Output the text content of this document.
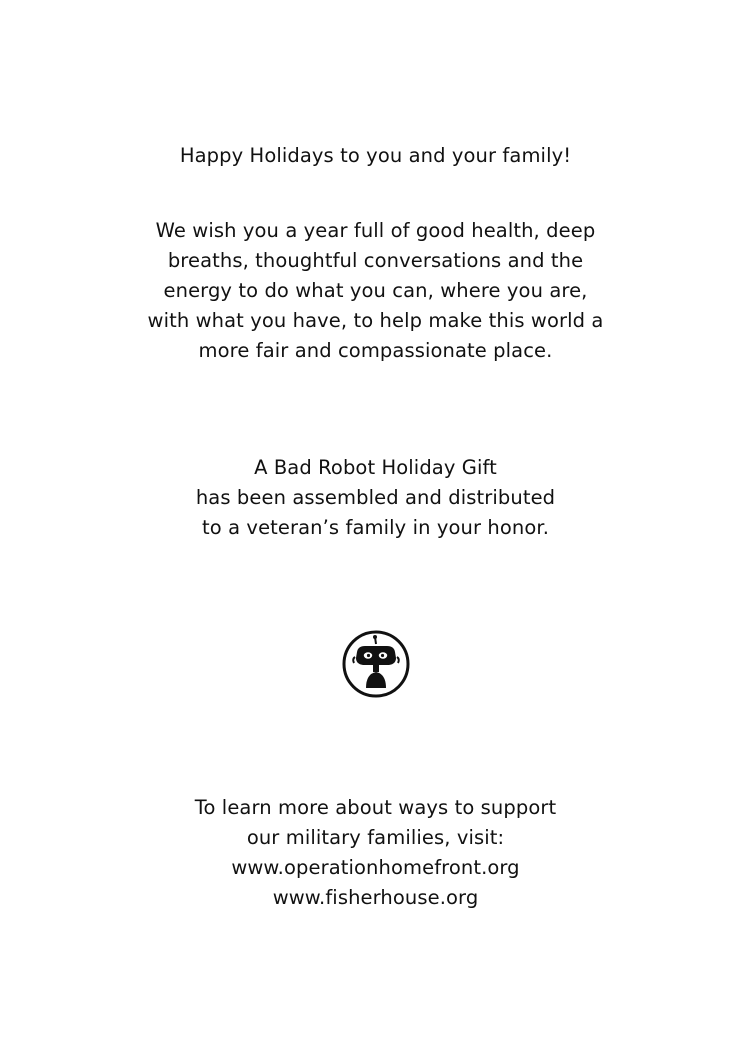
Happy Holidays to you and your family!
We wish you a year full of good health, deep
breaths, thoughtful conversations and the
energy to do what you can, where you are,
with what you have, to help make this world a
more fair and compassionate place.
A Bad Robot Holiday Gift
has been assembled and distributed
to a veteran’s family in your honor.
To learn more about ways to support
our military families, visit:
www.operationhomefront.org
www.fisherhouse.org
